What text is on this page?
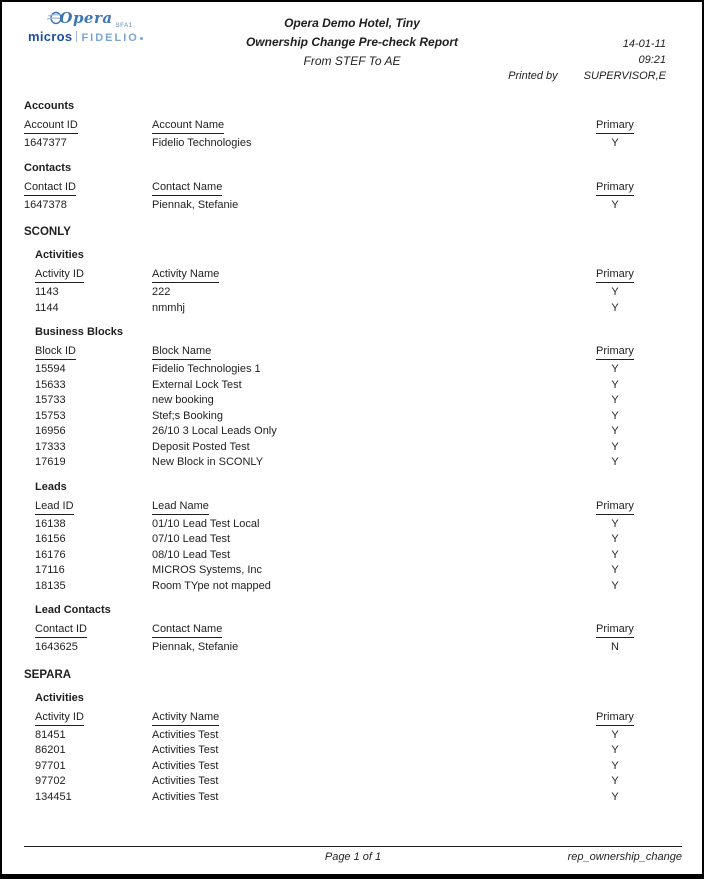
Opera $_{SFA1}$
micros FIDELIO
Opera Demo Hotel, Tiny
Ownership Change Pre-check Report
From STEF To AE
14-01-11
09:21
Printed by SUPERVISOR,E
Accounts
Account ID	Account Name	Primary
1647377	Fidelio Technologies	Y
Contacts
Contact ID	Contact Name	Primary
1647378	Piennak, Stefanie	Y
SCONLY
Activities
Activity ID	Activity Name	Primary
1143	222	Y
1144	nmmhj	Y
Business Blocks
Block ID	Block Name	Primary
15594	Fidelio Technologies 1	Y
15633	External Lock Test	Y
15733	new booking	Y
15753	Stef;s Booking	Y
16956	26/10 3 Local Leads Only	Y
17333	Deposit Posted Test	Y
17619	New Block in SCONLY	Y
Leads
Lead ID	Lead Name	Primary
16138	01/10 Lead Test Local	Y
16156	07/10 Lead Test	Y
16176	08/10 Lead Test	Y
17116	MICROS Systems, Inc	Y
18135	Room TYpe not mapped	Y
Lead Contacts
Contact ID	Contact Name	Primary
1643625	Piennak, Stefanie	N
SEPARA
Activities
Activity ID	Activity Name	Primary
81451	Activities Test	Y
86201	Activities Test	Y
97701	Activities Test	Y
97702	Activities Test	Y
134451	Activities Test	Y
Page 1 of 1	rep_ownership_change
